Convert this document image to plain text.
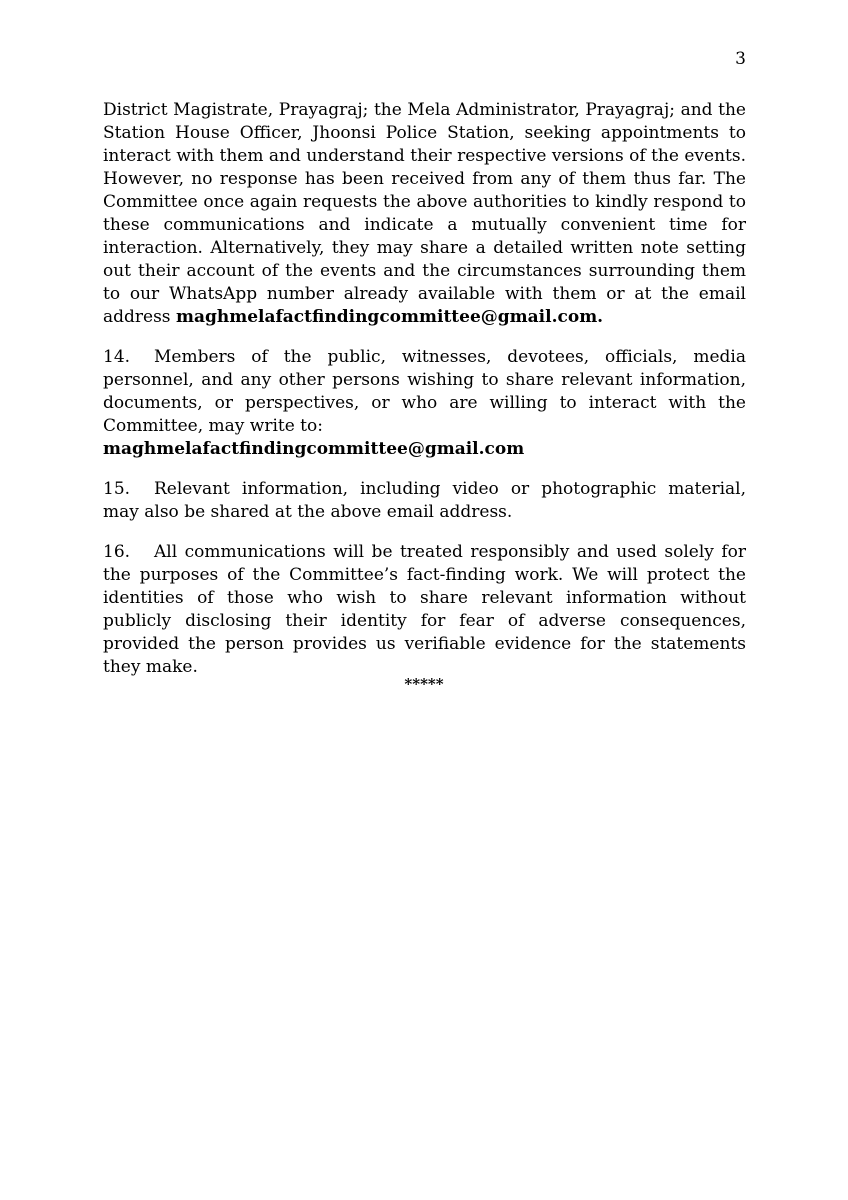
3

District Magistrate, Prayagraj; the Mela Administrator, Prayagraj; and the Station House Officer, Jhoonsi Police Station, seeking appointments to interact with them and understand their respective versions of the events. However, no response has been received from any of them thus far. The Committee once again requests the above authorities to kindly respond to these communications and indicate a mutually convenient time for interaction. Alternatively, they may share a detailed written note setting out their account of the events and the circumstances surrounding them to our WhatsApp number already available with them or at the email address maghmelafactfindingcommittee@gmail.com.

14. Members of the public, witnesses, devotees, officials, media personnel, and any other persons wishing to share relevant information, documents, or perspectives, or who are willing to interact with the Committee, may write to:
maghmelafactfindingcommittee@gmail.com

15. Relevant information, including video or photographic material, may also be shared at the above email address.

16. All communications will be treated responsibly and used solely for the purposes of the Committee’s fact-finding work. We will protect the identities of those who wish to share relevant information without publicly disclosing their identity for fear of adverse consequences, provided the person provides us verifiable evidence for the statements they make.

*****
